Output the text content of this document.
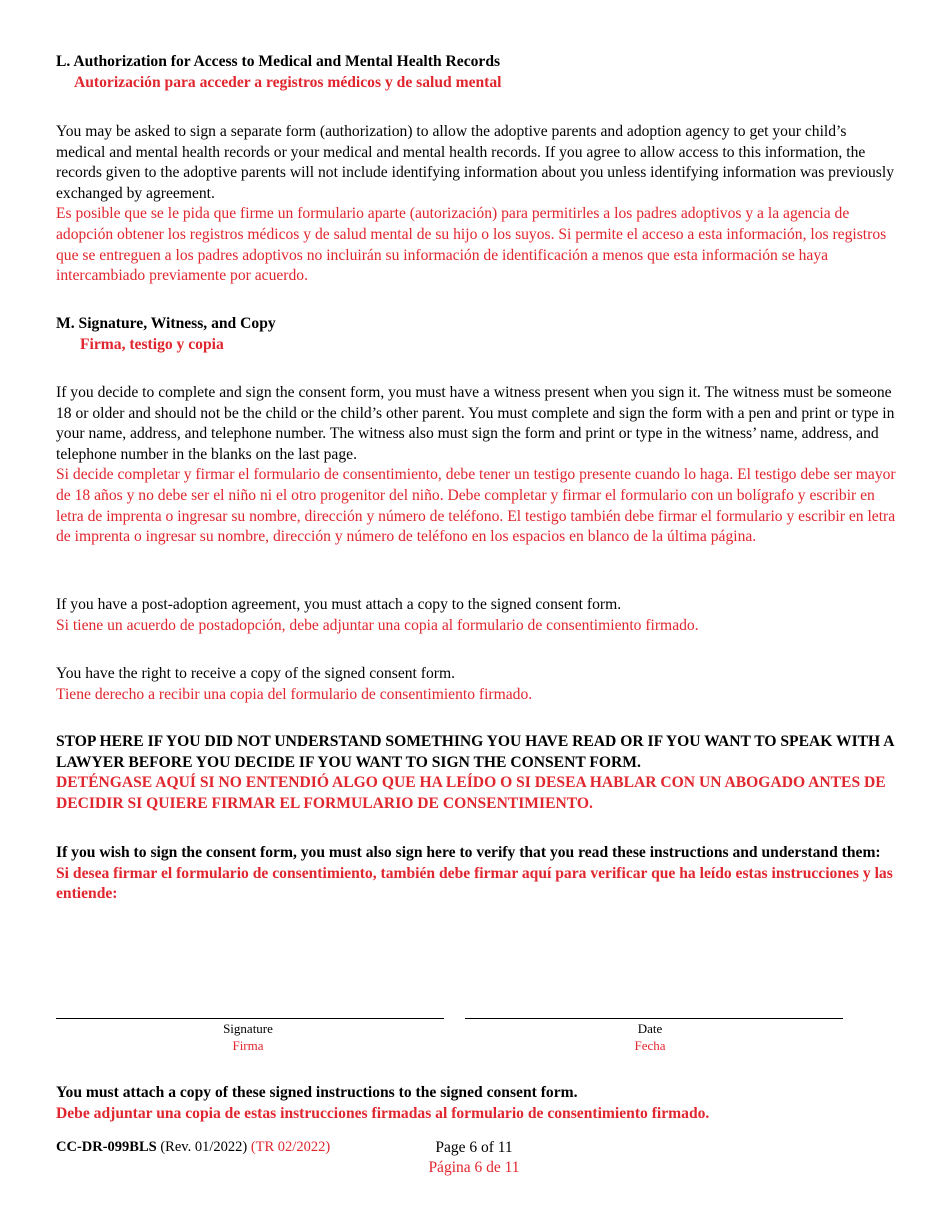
L. Authorization for Access to Medical and Mental Health Records
Autorización para acceder a registros médicos y de salud mental
You may be asked to sign a separate form (authorization) to allow the adoptive parents and adoption agency to get your child’s medical and mental health records or your medical and mental health records. If you agree to allow access to this information, the records given to the adoptive parents will not include identifying information about you unless identifying information was previously exchanged by agreement.
Es posible que se le pida que firme un formulario aparte (autorización) para permitirles a los padres adoptivos y a la agencia de adopción obtener los registros médicos y de salud mental de su hijo o los suyos. Si permite el acceso a esta información, los registros que se entreguen a los padres adoptivos no incluirán su información de identificación a menos que esta información se haya intercambiado previamente por acuerdo.
M. Signature, Witness, and Copy
Firma, testigo y copia
If you decide to complete and sign the consent form, you must have a witness present when you sign it. The witness must be someone 18 or older and should not be the child or the child’s other parent. You must complete and sign the form with a pen and print or type in your name, address, and telephone number. The witness also must sign the form and print or type in the witness’ name, address, and telephone number in the blanks on the last page.
Si decide completar y firmar el formulario de consentimiento, debe tener un testigo presente cuando lo haga. El testigo debe ser mayor de 18 años y no debe ser el niño ni el otro progenitor del niño. Debe completar y firmar el formulario con un bolígrafo y escribir en letra de imprenta o ingresar su nombre, dirección y número de teléfono. El testigo también debe firmar el formulario y escribir en letra de imprenta o ingresar su nombre, dirección y número de teléfono en los espacios en blanco de la última página.
If you have a post-adoption agreement, you must attach a copy to the signed consent form.
Si tiene un acuerdo de postadopción, debe adjuntar una copia al formulario de consentimiento firmado.
You have the right to receive a copy of the signed consent form.
Tiene derecho a recibir una copia del formulario de consentimiento firmado.
STOP HERE IF YOU DID NOT UNDERSTAND SOMETHING YOU HAVE READ OR IF YOU WANT TO SPEAK WITH A LAWYER BEFORE YOU DECIDE IF YOU WANT TO SIGN THE CONSENT FORM.
DETÉNGASE AQUÍ SI NO ENTENDIÓ ALGO QUE HA LEÍDO O SI DESEA HABLAR CON UN ABOGADO ANTES DE DECIDIR SI QUIERE FIRMAR EL FORMULARIO DE CONSENTIMIENTO.
If you wish to sign the consent form, you must also sign here to verify that you read these instructions and understand them:
Si desea firmar el formulario de consentimiento, también debe firmar aquí para verificar que ha leído estas instrucciones y las entiende:
Signature
Firma
Date
Fecha
You must attach a copy of these signed instructions to the signed consent form.
Debe adjuntar una copia de estas instrucciones firmadas al formulario de consentimiento firmado.
CC-DR-099BLS (Rev. 01/2022) (TR 02/2022)	Page 6 of 11
Página 6 de 11
